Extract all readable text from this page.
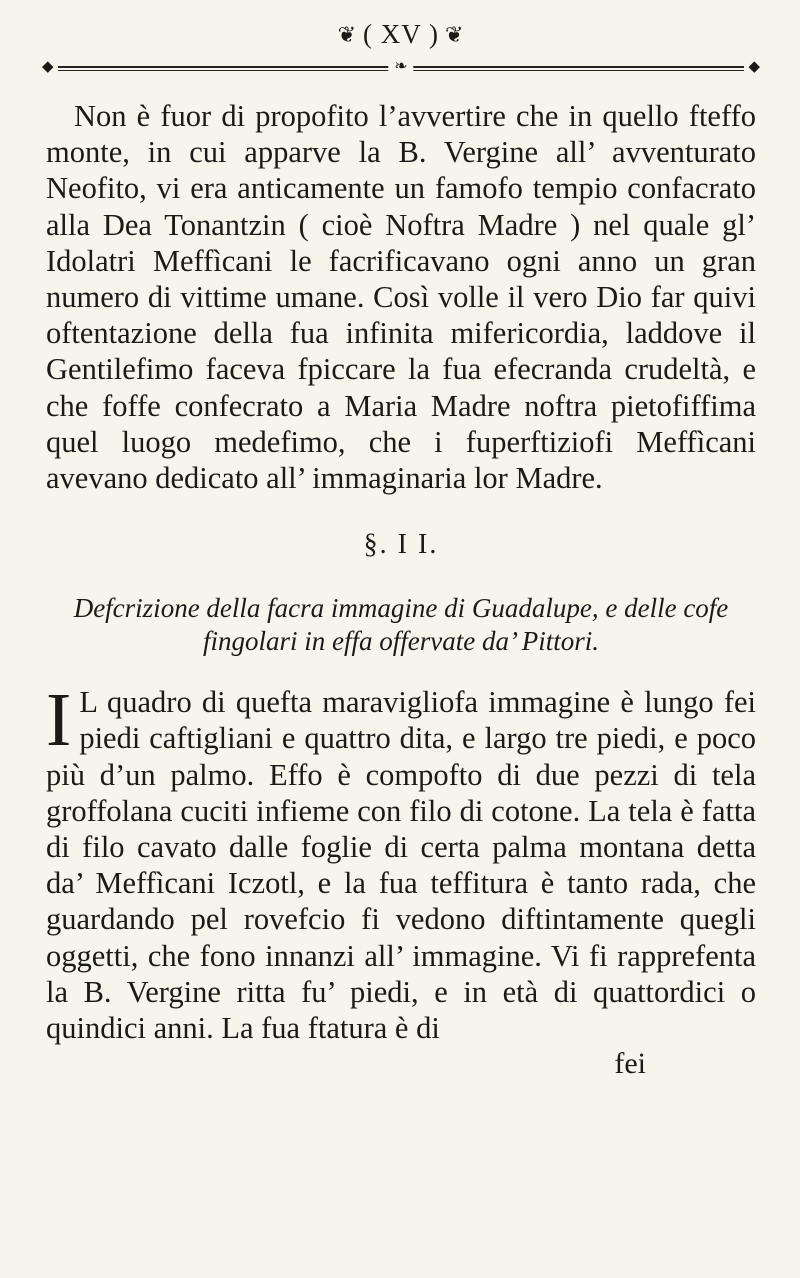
❦ ( XV ) ❦
◆	❧	◆

Non è fuor di propofito l’avvertire che in quello fteffo monte, in cui apparve la B. Vergine all’ avventurato Neofito, vi era anticamente un famofo tempio confacrato alla Dea Tonantzin ( cioè Noftra Madre ) nel quale gl’ Idolatri Meffìcani le facrificavano ogni anno un gran numero di vittime umane. Così volle il vero Dio far quivi oftentazione della fua infinita mifericordia, laddove il Gentilefimo faceva fpiccare la fua efecranda crudeltà, e che foffe confecrato a Maria Madre noftra pietofiffima quel luogo medefimo, che i fuperftiziofi Meffìcani avevano dedicato all’ immaginaria lor Madre.

§. I I.
Defcrizione della facra immagine di Guadalupe, e delle cofe fingolari in effa offervate da’ Pittori.

I L quadro di quefta maravigliofa immagine è lungo fei piedi caftigliani e quattro dita, e largo tre piedi, e poco più d’un palmo. Effo è compofto di due pezzi di tela groffolana cuciti infieme con filo di cotone. La tela è fatta di filo cavato dalle foglie di certa palma montana detta da’ Meffìcani Iczotl, e la fua teffitura è tanto rada, che guardando pel rovefcio fi vedono diftintamente quegli oggetti, che fono innanzi all’ immagine. Vi fi rapprefenta la B. Vergine ritta fu’ piedi, e in età di quattordici o quindici anni. La fua ftatura è di

fei
